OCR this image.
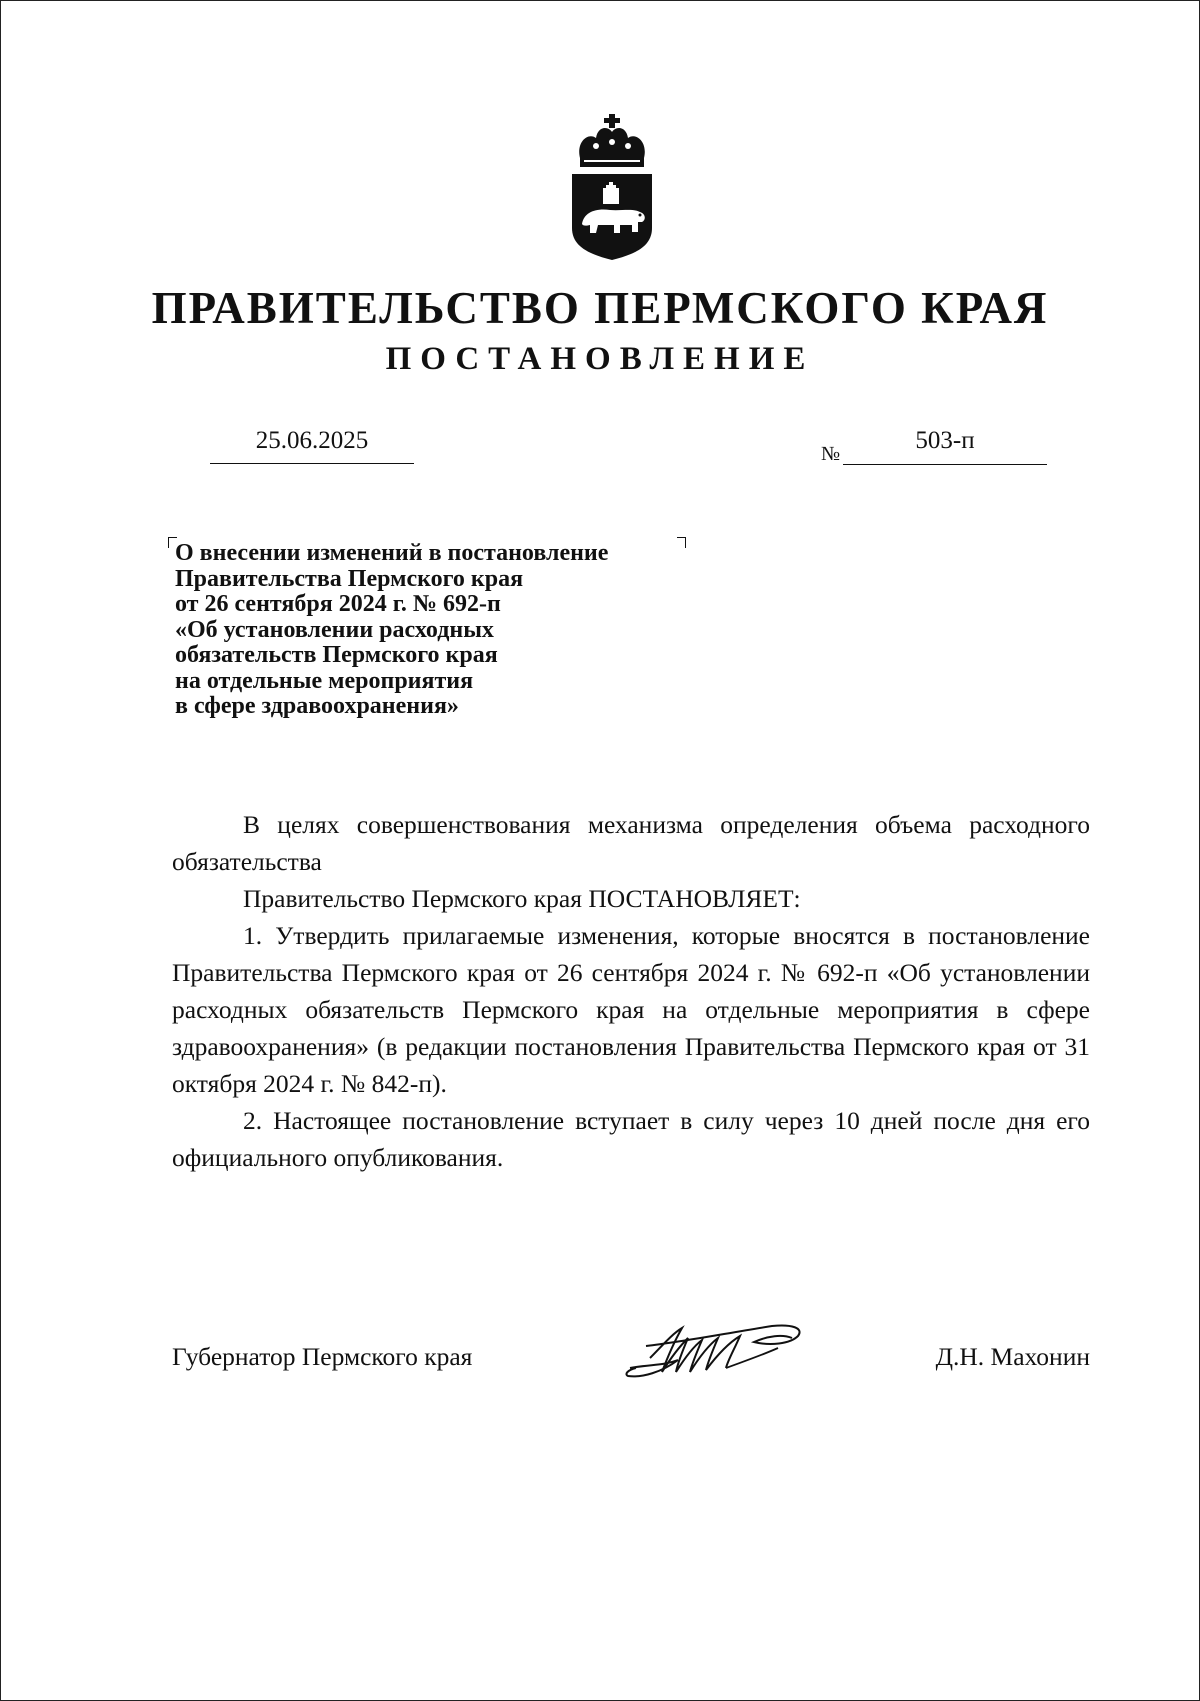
ПРАВИТЕЛЬСТВО ПЕРМСКОГО КРАЯ
ПОСТАНОВЛЕНИЕ
25.06.2025	№	503-п
О внесении изменений в постановление
Правительства Пермского края
от 26 сентября 2024 г. № 692-п
«Об установлении расходных
обязательств Пермского края
на отдельные мероприятия
в сфере здравоохранения»

В целях совершенствования механизма определения объема расходного обязательства

Правительство Пермского края ПОСТАНОВЛЯЕТ:

1. Утвердить прилагаемые изменения, которые вносятся в постановление Правительства Пермского края от 26 сентября 2024 г. № 692-п «Об установлении расходных обязательств Пермского края на отдельные мероприятия в сфере здравоохранения» (в редакции постановления Правительства Пермского края от 31 октября 2024 г. № 842-п).

2. Настоящее постановление вступает в силу через 10 дней после дня его официального опубликования.

Губернатор Пермского края	Д.Н. Махонин
